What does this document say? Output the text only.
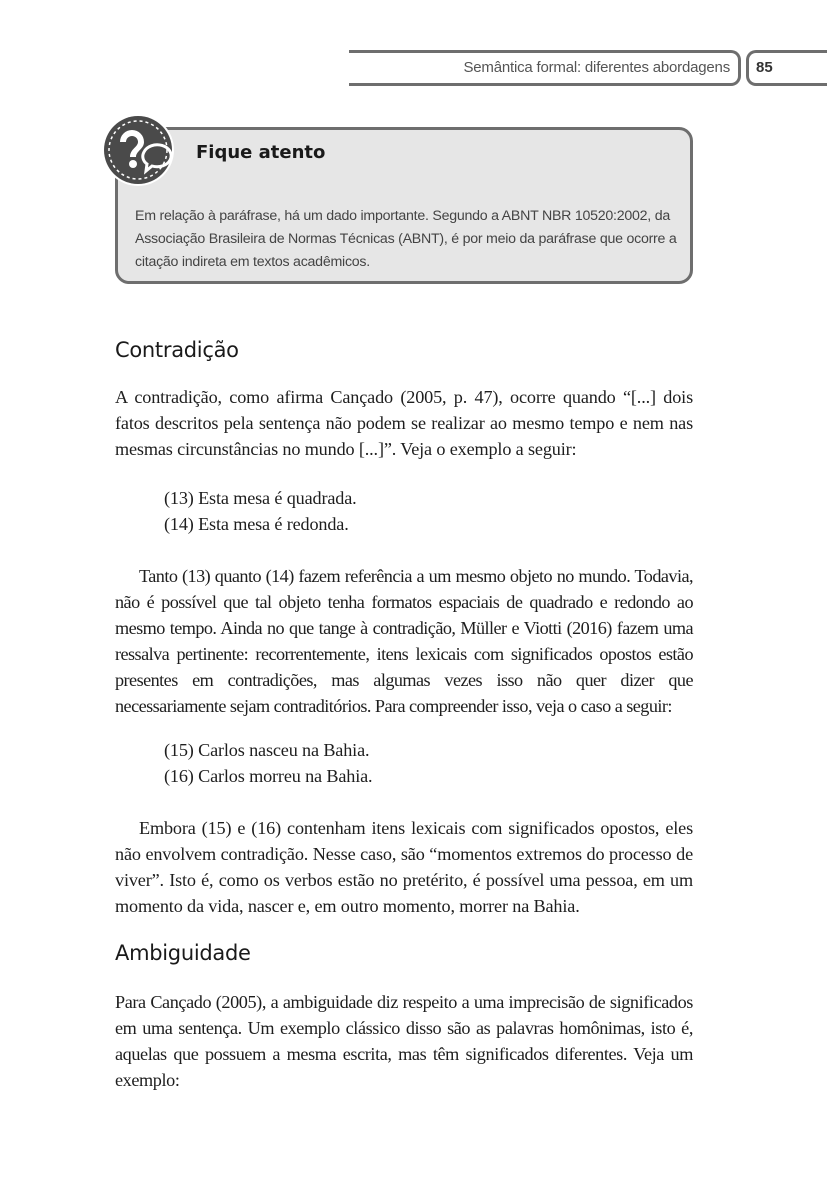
Semântica formal: diferentes abordagens 85
Fique atento
Em relação à paráfrase, há um dado importante. Segundo a ABNT NBR 10520:2002, da Associação Brasileira de Normas Técnicas (ABNT), é por meio da paráfrase que ocorre a citação indireta em textos acadêmicos.
Contradição

A contradição, como afirma Cançado (2005, p. 47), ocorre quando “[...] dois fatos descritos pela sentença não podem se realizar ao mesmo tempo e nem nas mesmas circunstâncias no mundo [...]”. Veja o exemplo a seguir:

(13) Esta mesa é quadrada.
(14) Esta mesa é redonda.

Tanto (13) quanto (14) fazem referência a um mesmo objeto no mundo. Todavia, não é possível que tal objeto tenha formatos espaciais de quadrado e redondo ao mesmo tempo. Ainda no que tange à contradição, Müller e Viotti (2016) fazem uma ressalva pertinente: recorrentemente, itens lexicais com significados opostos estão presentes em contradições, mas algumas vezes isso não quer dizer que necessariamente sejam contraditórios. Para compreender isso, veja o caso a seguir:

(15) Carlos nasceu na Bahia.
(16) Carlos morreu na Bahia.

Embora (15) e (16) contenham itens lexicais com significados opostos, eles não envolvem contradição. Nesse caso, são “momentos extremos do processo de viver”. Isto é, como os verbos estão no pretérito, é possível uma pessoa, em um momento da vida, nascer e, em outro momento, morrer na Bahia.

Ambiguidade

Para Cançado (2005), a ambiguidade diz respeito a uma imprecisão de significados em uma sentença. Um exemplo clássico disso são as palavras homônimas, isto é, aquelas que possuem a mesma escrita, mas têm significados diferentes. Veja um exemplo:
